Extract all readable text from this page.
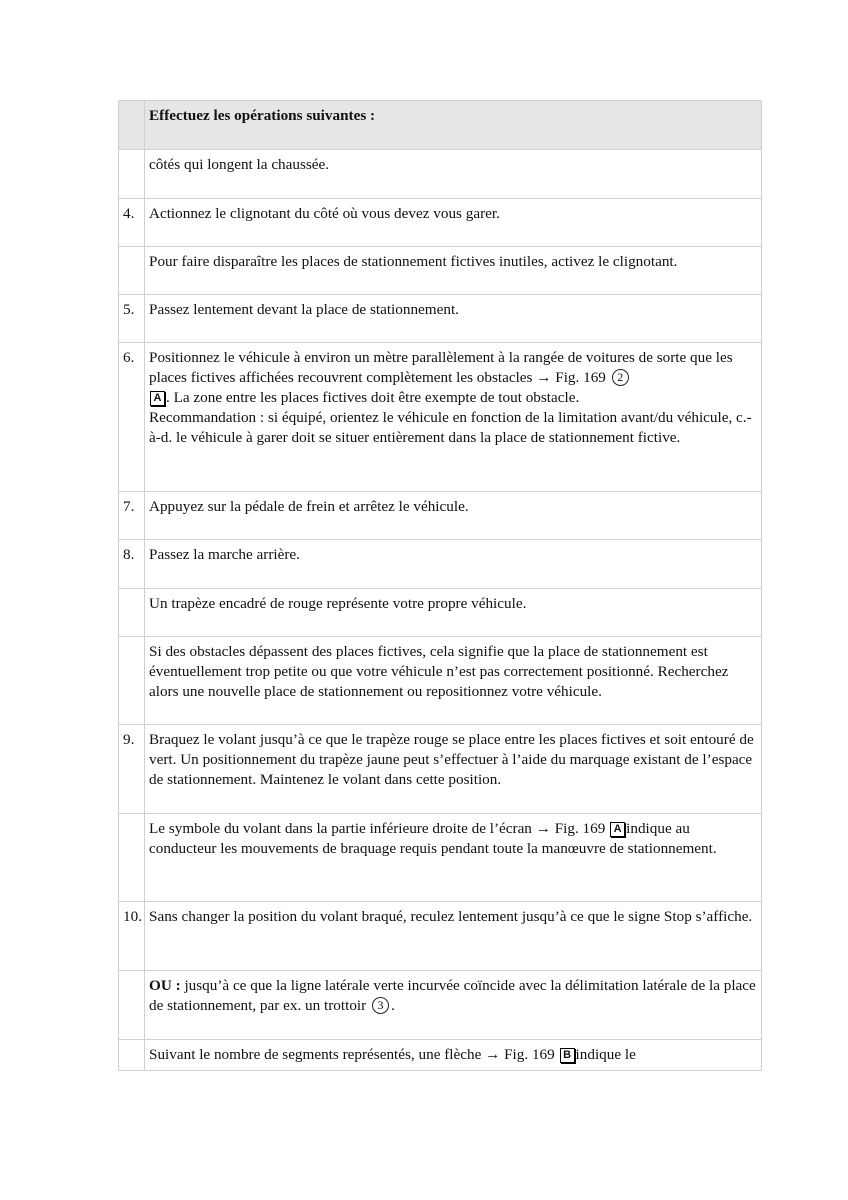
	Effectuez les opérations suivantes :
	côtés qui longent la chaussée.
4.	Actionnez le clignotant du côté où vous devez vous garer.
	Pour faire disparaître les places de stationnement fictives inutiles, activez le clignotant.
5.	Passez lentement devant la place de stationnement.
6.	Positionnez le véhicule à environ un mètre parallèlement à la rangée de voitures de sorte que les places fictives affichées recouvrent complètement les obstacles → Fig. 169 2
A . La zone entre les places fictives doit être exempte de tout obstacle.
Recommandation : si équipé, orientez le véhicule en fonction de la limitation avant/du véhicule, c.-à-d. le véhicule à garer doit se situer entièrement dans la place de stationnement fictive.
7.	Appuyez sur la pédale de frein et arrêtez le véhicule.
8.	Passez la marche arrière.
	Un trapèze encadré de rouge représente votre propre véhicule.
	Si des obstacles dépassent des places fictives, cela signifie que la place de stationnement est éventuellement trop petite ou que votre véhicule n’est pas correctement positionné. Recherchez alors une nouvelle place de stationnement ou repositionnez votre véhicule.
9.	Braquez le volant jusqu’à ce que le trapèze rouge se place entre les places fictives et soit entouré de vert. Un positionnement du trapèze jaune peut s’effectuer à l’aide du marquage existant de l’espace de stationnement. Maintenez le volant dans cette position.
	Le symbole du volant dans la partie inférieure droite de l’écran → Fig. 169 A indique au conducteur les mouvements de braquage requis pendant toute la manœuvre de stationnement.
10.	Sans changer la position du volant braqué, reculez lentement jusqu’à ce que le signe Stop s’affiche.
	OU : jusqu’à ce que la ligne latérale verte incurvée coïncide avec la délimitation latérale de la place de stationnement, par ex. un trottoir 3 .
	Suivant le nombre de segments représentés, une flèche → Fig. 169 B indique le
